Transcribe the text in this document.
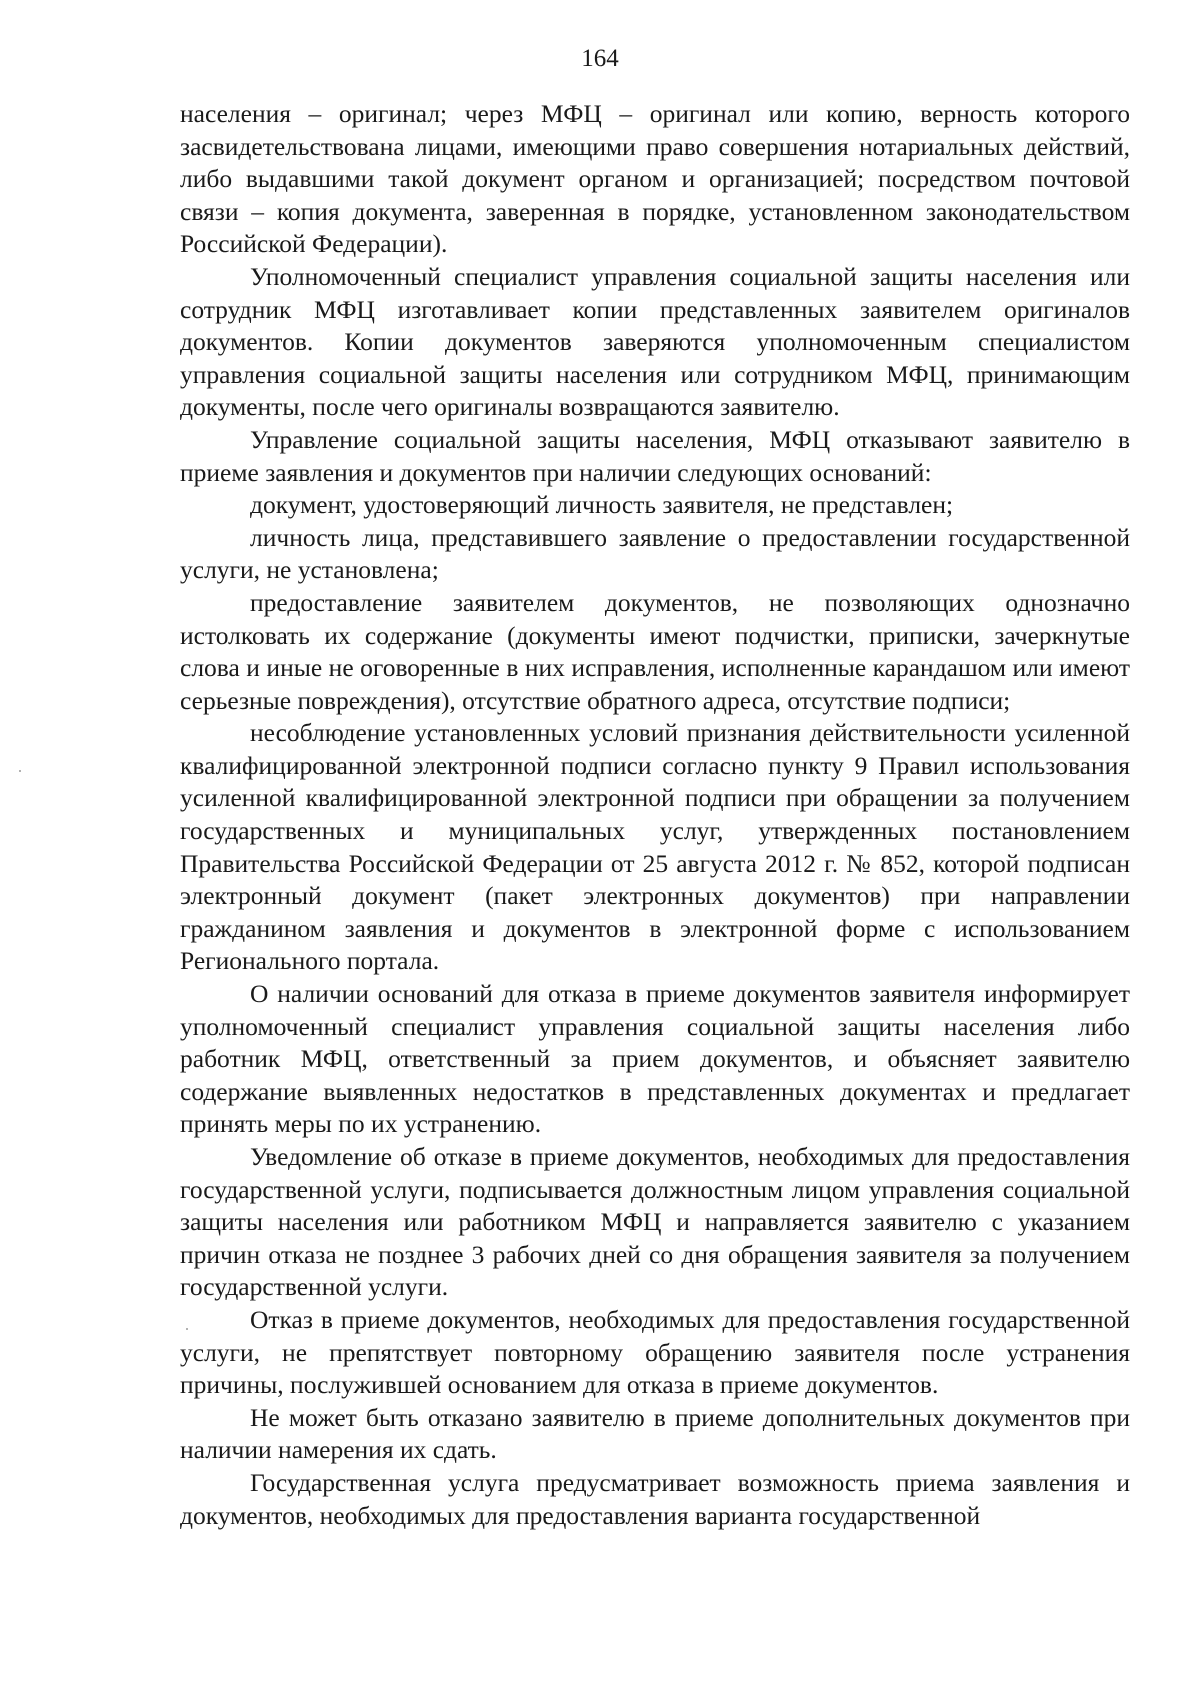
164

населения – оригинал; через МФЦ – оригинал или копию, верность которого засвидетельствована лицами, имеющими право совершения нотариальных действий, либо выдавшими такой документ органом и организацией; посредством почтовой связи – копия документа, заверенная в порядке, установленном законодательством Российской Федерации).

Уполномоченный специалист управления социальной защиты населения или сотрудник МФЦ изготавливает копии представленных заявителем оригиналов документов. Копии документов заверяются уполномоченным специалистом управления социальной защиты населения или сотрудником МФЦ, принимающим документы, после чего оригиналы возвращаются заявителю.

Управление социальной защиты населения, МФЦ отказывают заявителю в приеме заявления и документов при наличии следующих оснований:

документ, удостоверяющий личность заявителя, не представлен;

личность лица, представившего заявление о предоставлении государственной услуги, не установлена;

предоставление заявителем документов, не позволяющих однозначно истолковать их содержание (документы имеют подчистки, приписки, зачеркнутые слова и иные не оговоренные в них исправления, исполненные карандашом или имеют серьезные повреждения), отсутствие обратного адреса, отсутствие подписи;

несоблюдение установленных условий признания действительности усиленной квалифицированной электронной подписи согласно пункту 9 Правил использования усиленной квалифицированной электронной подписи при обращении за получением государственных и муниципальных услуг, утвержденных постановлением Правительства Российской Федерации от 25 августа 2012 г. № 852, которой подписан электронный документ (пакет электронных документов) при направлении гражданином заявления и документов в электронной форме с использованием Регионального портала.

О наличии оснований для отказа в приеме документов заявителя информирует уполномоченный специалист управления социальной защиты населения либо работник МФЦ, ответственный за прием документов, и объясняет заявителю содержание выявленных недостатков в представленных документах и предлагает принять меры по их устранению.

Уведомление об отказе в приеме документов, необходимых для предоставления государственной услуги, подписывается должностным лицом управления социальной защиты населения или работником МФЦ и направляется заявителю с указанием причин отказа не позднее 3 рабочих дней со дня обращения заявителя за получением государственной услуги.

Отказ в приеме документов, необходимых для предоставления государственной услуги, не препятствует повторному обращению заявителя после устранения причины, послужившей основанием для отказа в приеме документов.

Не может быть отказано заявителю в приеме дополнительных документов при наличии намерения их сдать.

Государственная услуга предусматривает возможность приема заявления и документов, необходимых для предоставления варианта государственной
